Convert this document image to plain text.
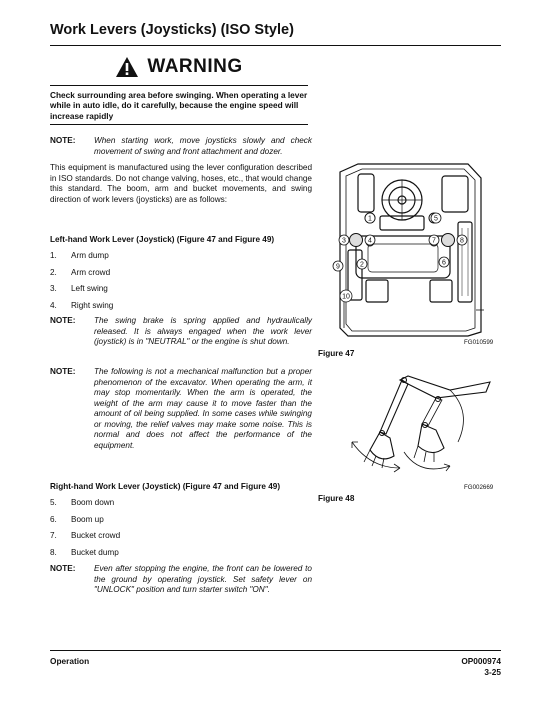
Work Levers (Joysticks) (ISO Style)
WARNING
Check surrounding area before swinging. When operating a lever while in auto idle, do it carefully, because the engine speed will increase rapidly
NOTE:	When starting work, move joysticks slowly and check movement of swing and front attachment and dozer.
This equipment is manufactured using the lever configuration described in ISO standards. Do not change valving, hoses, etc., that would change this standard. The boom, arm and bucket movements, and swing direction of work levers (joysticks) are as follows:
Left-hand Work Lever (Joystick) (Figure 47 and Figure 49)
1.	Arm dump
2.	Arm crowd
3.	Left swing
4.	Right swing
NOTE:	The swing brake is spring applied and hydraulically released. It is always engaged when the work lever (joystick) is in "NEUTRAL" or the engine is shut down.
NOTE:	The following is not a mechanical malfunction but a proper phenomenon of the excavator. When operating the arm, it may stop momentarily. When the arm is operated, the weight of the arm may cause it to move faster than the amount of oil being supplied. In some cases while swinging or moving, the relief valves may make some noise. This is normal and does not affect the performance of the equipment.
Right-hand Work Lever (Joystick) (Figure 47 and Figure 49)
5.	Boom down
6.	Boom up
7.	Bucket crowd
8.	Bucket dump
NOTE:	Even after stopping the engine, the front can be lowered to the ground by operating joystick. Set safety lever on "UNLOCK" position and turn starter switch "ON".
1	5
3	4	7	8
2	6
9
10
FG010599
Figure 47
FG002669
Figure 48
Operation	OP000974
3-25
